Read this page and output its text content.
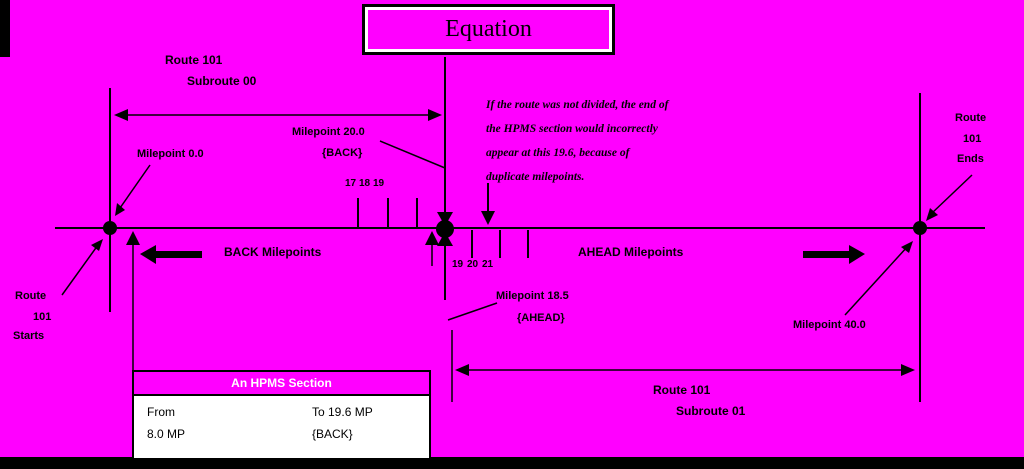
Equation
Route 101
Subroute 00
Milepoint 0.0
Milepoint 20.0
{BACK}
Milepoint 18.5
{AHEAD}
Milepoint 40.0
Route
101
Starts
Route
101
Ends
BACK Milepoints	AHEAD Milepoints
17 18 19
19 20 21
If the route was not divided, the end of
the HPMS section would incorrectly
appear at this 19.6, because of
duplicate milepoints.
Route 101
Subroute 01
An HPMS Section
From
8.0 MP
To 19.6 MP
{BACK}
